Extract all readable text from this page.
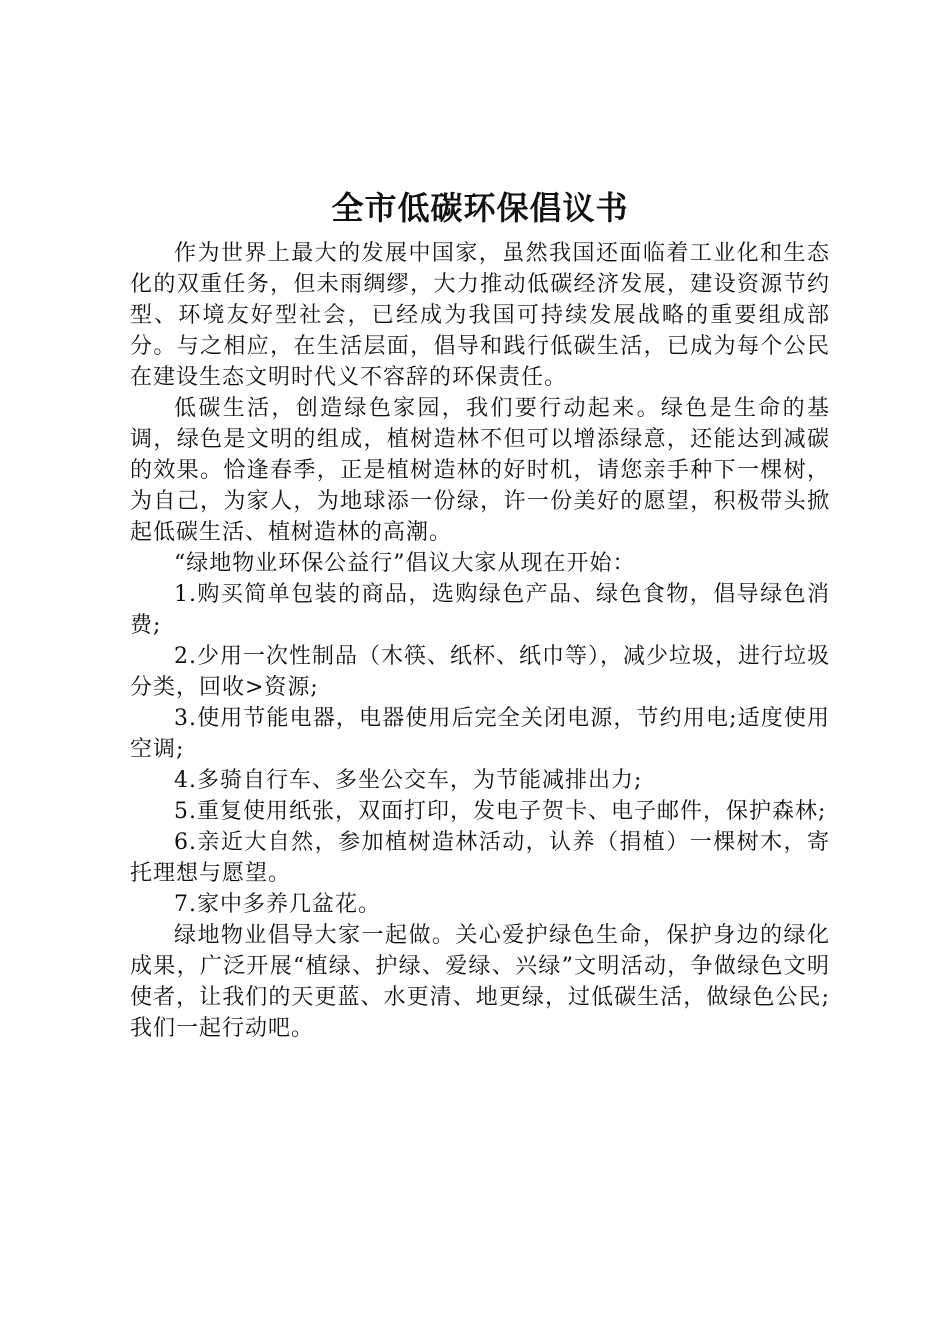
全市低碳环保倡议书

作为世界上最大的发展中国家，虽然我国还面临着工业化和生态化的双重任务，但未雨绸缪，大力推动低碳经济发展，建设资源节约型、环境友好型社会，已经成为我国可持续发展战略的重要组成部分。与之相应，在生活层面，倡导和践行低碳生活，已成为每个公民在建设生态文明时代义不容辞的环保责任。

低碳生活，创造绿色家园，我们要行动起来。绿色是生命的基调，绿色是文明的组成，植树造林不但可以增添绿意，还能达到减碳的效果。恰逢春季，正是植树造林的好时机，请您亲手种下一棵树，为自己，为家人，为地球添一份绿，许一份美好的愿望，积极带头掀起低碳生活、植树造林的高潮。

“绿地物业环保公益行”倡议大家从现在开始：

1.购买简单包装的商品，选购绿色产品、绿色食物，倡导绿色消费;

2.少用一次性制品（木筷、纸杯、纸巾等），减少垃圾，进行垃圾分类，回收>资源;

3.使用节能电器，电器使用后完全关闭电源，节约用电;适度使用空调;

4.多骑自行车、多坐公交车，为节能减排出力;

5.重复使用纸张，双面打印，发电子贺卡、电子邮件，保护森林;

6.亲近大自然，参加植树造林活动，认养（捐植）一棵树木，寄托理想与愿望。

7.家中多养几盆花。

绿地物业倡导大家一起做。关心爱护绿色生命，保护身边的绿化成果，广泛开展“植绿、护绿、爱绿、兴绿”文明活动，争做绿色文明使者，让我们的天更蓝、水更清、地更绿，过低碳生活，做绿色公民;我们一起行动吧。
